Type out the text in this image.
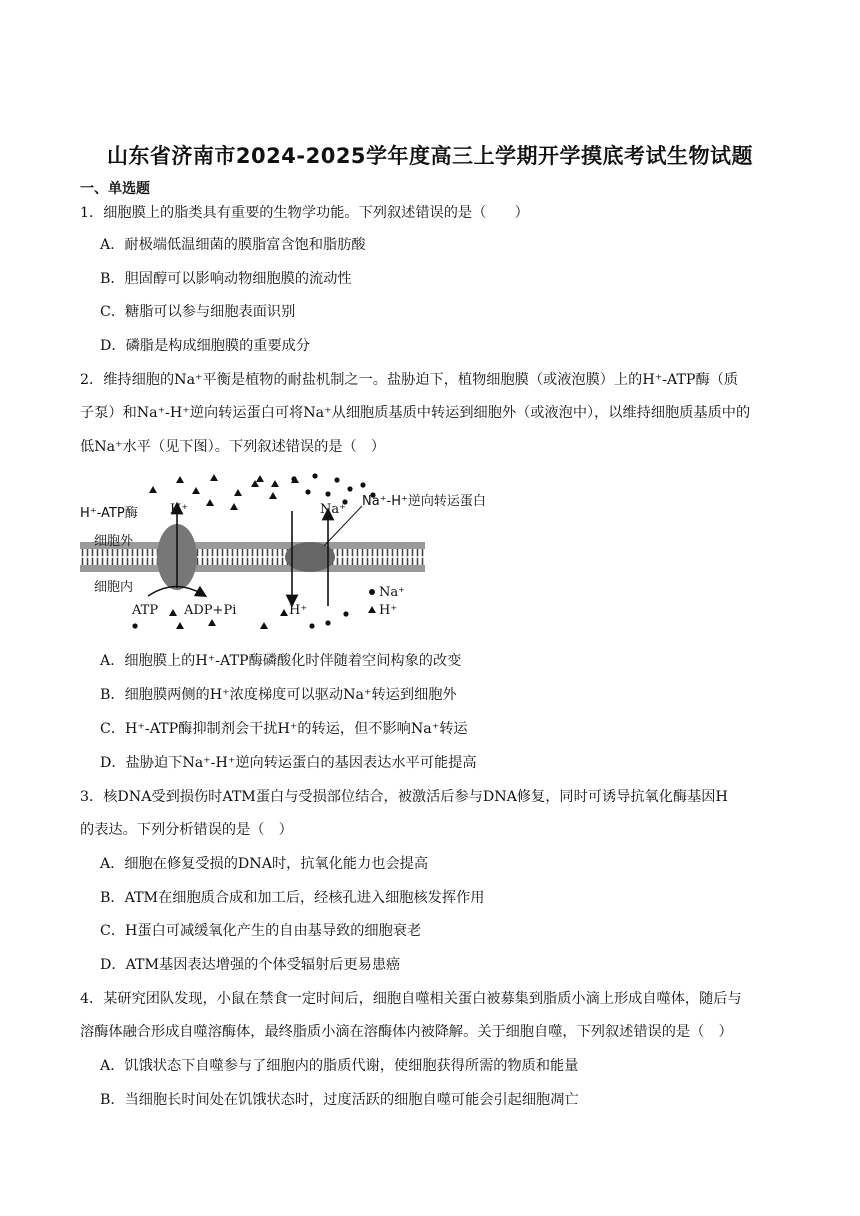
山东省济南市2024-2025学年度高三上学期开学摸底考试生物试题
一、单选题
1．细胞膜上的脂类具有重要的生物学功能。下列叙述错误的是（　　）
A．耐极端低温细菌的膜脂富含饱和脂肪酸
B．胆固醇可以影响动物细胞膜的流动性
C．糖脂可以参与细胞表面识别
D．磷脂是构成细胞膜的重要成分
2．维持细胞的Na⁺平衡是植物的耐盐机制之一。盐胁迫下，植物细胞膜（或液泡膜）上的H⁺-ATP酶（质
子泵）和Na⁺-H⁺逆向转运蛋白可将Na⁺从细胞质基质中转运到细胞外（或液泡中），以维持细胞质基质中的
低Na⁺水平（见下图）。下列叙述错误的是（　）
H⁺-ATP酶 H⁺	Na⁺
Na⁺-H⁺逆向转运蛋白
细胞外
细胞内
ATP ADP+Pi	H⁺
Na⁺
H⁺
A．细胞膜上的H⁺-ATP酶磷酸化时伴随着空间构象的改变
B．细胞膜两侧的H⁺浓度梯度可以驱动Na⁺转运到细胞外
C．H⁺-ATP酶抑制剂会干扰H⁺的转运，但不影响Na⁺转运
D．盐胁迫下Na⁺-H⁺逆向转运蛋白的基因表达水平可能提高
3．核DNA受到损伤时ATM蛋白与受损部位结合，被激活后参与DNA修复，同时可诱导抗氧化酶基因H
的表达。下列分析错误的是（　）
A．细胞在修复受损的DNA时，抗氧化能力也会提高
B．ATM在细胞质合成和加工后，经核孔进入细胞核发挥作用
C．H蛋白可减缓氧化产生的自由基导致的细胞衰老
D．ATM基因表达增强的个体受辐射后更易患癌
4．某研究团队发现，小鼠在禁食一定时间后，细胞自噬相关蛋白被募集到脂质小滴上形成自噬体，随后与
溶酶体融合形成自噬溶酶体，最终脂质小滴在溶酶体内被降解。关于细胞自噬，下列叙述错误的是（　）
A．饥饿状态下自噬参与了细胞内的脂质代谢，使细胞获得所需的物质和能量
B．当细胞长时间处在饥饿状态时，过度活跃的细胞自噬可能会引起细胞凋亡
